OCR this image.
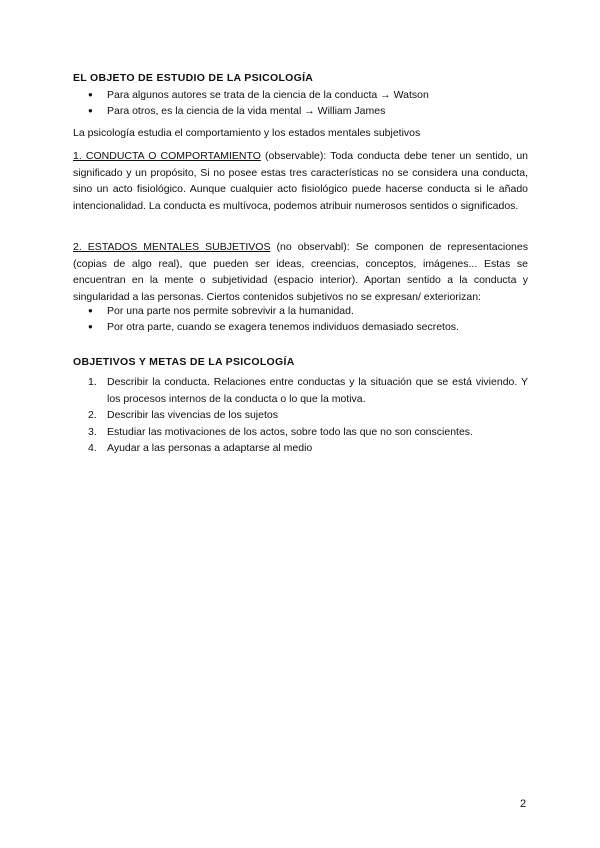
EL OBJETO DE ESTUDIO DE LA PSICOLOGÍA
● Para algunos autores se trata de la ciencia de la conducta → Watson
● Para otros, es la ciencia de la vida mental → William James

La psicología estudia el comportamiento y los estados mentales subjetivos

1. CONDUCTA O COMPORTAMIENTO (observable): Toda conducta debe tener un sentido, un significado y un propósito, Si no posee estas tres características no se considera una conducta, sino un acto fisiológico. Aunque cualquier acto fisiológico puede hacerse conducta si le añado intencionalidad. La conducta es multívoca, podemos atribuir numerosos sentidos o significados.

2. ESTADOS MENTALES SUBJETIVOS (no observabl): Se componen de representaciones (copias de algo real), que pueden ser ideas, creencias, conceptos, imágenes... Estas se encuentran en la mente o subjetividad (espacio interior). Aportan sentido a la conducta y singularidad a las personas. Ciertos contenidos subjetivos no se expresan/ exteriorizan:

● Por una parte nos permite sobrevivir a la humanidad.
● Por otra parte, cuando se exagera tenemos individuos demasiado secretos.
OBJETIVOS Y METAS DE LA PSICOLOGÍA
1. Describir la conducta. Relaciones entre conductas y la situación que se está viviendo. Y los procesos internos de la conducta o lo que la motiva.
2. Describir las vivencias de los sujetos
3. Estudiar las motivaciones de los actos, sobre todo las que no son conscientes.
4. Ayudar a las personas a adaptarse al medio
2
